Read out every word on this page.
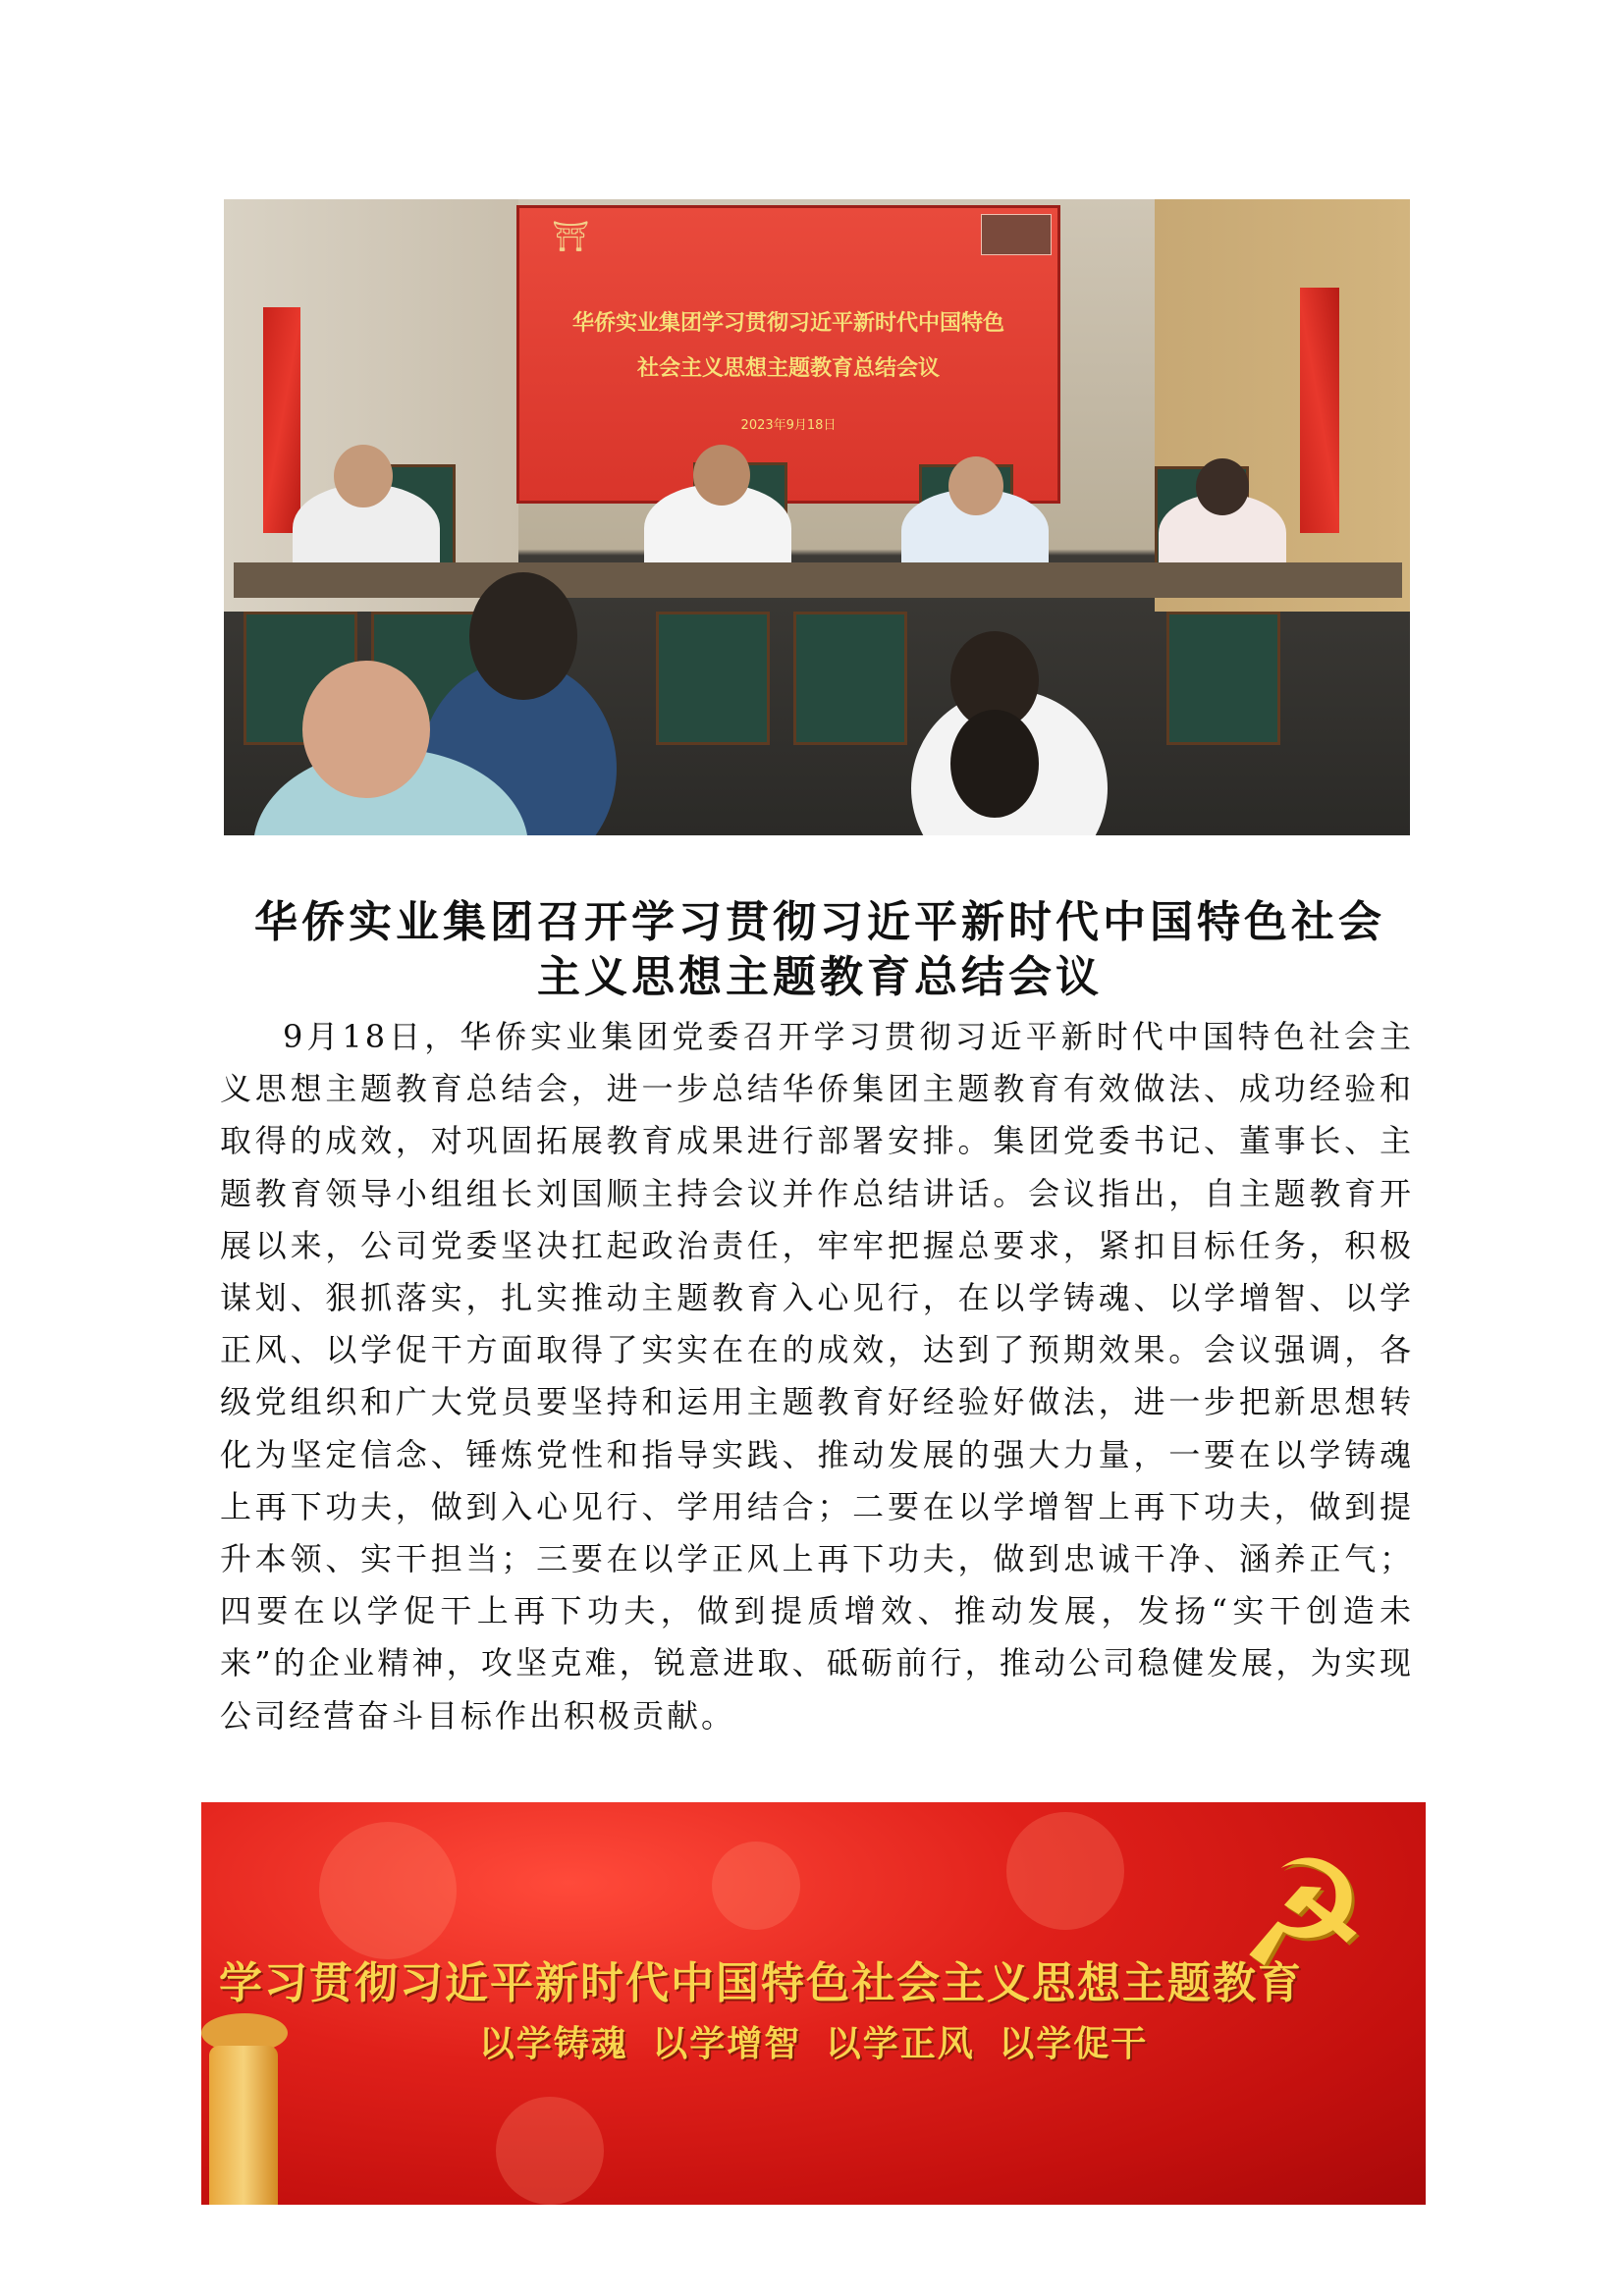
⛩
华侨实业集团学习贯彻习近平新时代中国特色
社会主义思想主题教育总结会议
2023年9月18日
华侨实业集团召开学习贯彻习近平新时代中国特色社会
主义思想主题教育总结会议

9月18日，华侨实业集团党委召开学习贯彻习近平新时代中国特色社会主义思想主题教育总结会，进一步总结华侨集团主题教育有效做法、成功经验和取得的成效，对巩固拓展教育成果进行部署安排。集团党委书记、董事长、主题教育领导小组组长刘国顺主持会议并作总结讲话。会议指出，自主题教育开展以来，公司党委坚决扛起政治责任，牢牢把握总要求，紧扣目标任务，积极谋划、狠抓落实，扎实推动主题教育入心见行，在以学铸魂、以学增智、以学正风、以学促干方面取得了实实在在的成效，达到了预期效果。会议强调，各级党组织和广大党员要坚持和运用主题教育好经验好做法，进一步把新思想转化为坚定信念、锤炼党性和指导实践、推动发展的强大力量，一要在以学铸魂上再下功夫，做到入心见行、学用结合；二要在以学增智上再下功夫，做到提升本领、实干担当；三要在以学正风上再下功夫，做到忠诚干净、涵养正气；四要在以学促干上再下功夫，做到提质增效、推动发展，发扬“实干创造未来”的企业精神，攻坚克难，锐意进取、砥砺前行，推动公司稳健发展，为实现公司经营奋斗目标作出积极贡献。

☭

学习贯彻习近平新时代中国特色社会主义思想主题教育

以学铸魂 以学增智 以学正风 以学促干
